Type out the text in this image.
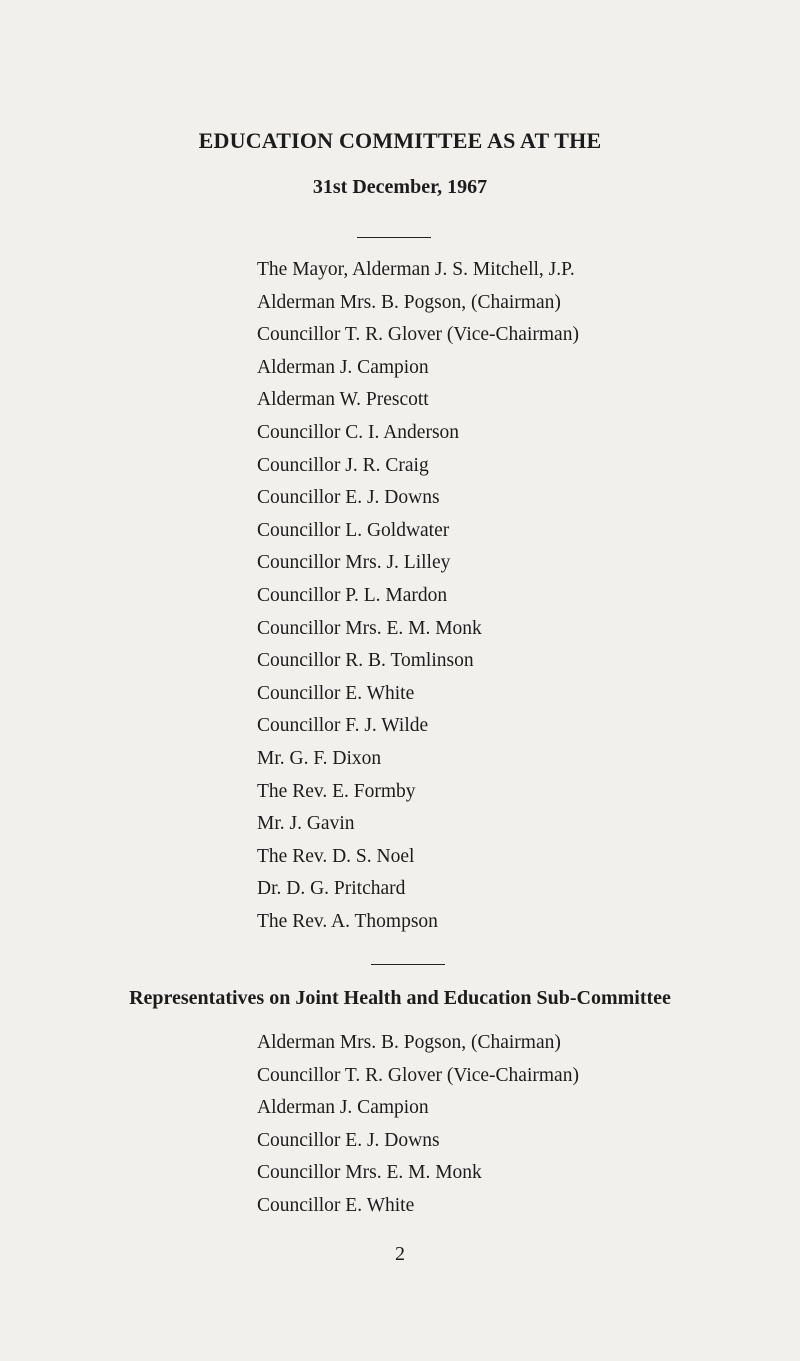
EDUCATION COMMITTEE AS AT THE
31st December, 1967
The Mayor, Alderman J. S. Mitchell, J.P.
Alderman Mrs. B. Pogson, (Chairman)
Councillor T. R. Glover (Vice-Chairman)
Alderman J. Campion
Alderman W. Prescott
Councillor C. I. Anderson
Councillor J. R. Craig
Councillor E. J. Downs
Councillor L. Goldwater
Councillor Mrs. J. Lilley
Councillor P. L. Mardon
Councillor Mrs. E. M. Monk
Councillor R. B. Tomlinson
Councillor E. White
Councillor F. J. Wilde
Mr. G. F. Dixon
The Rev. E. Formby
Mr. J. Gavin
The Rev. D. S. Noel
Dr. D. G. Pritchard
The Rev. A. Thompson
Representatives on Joint Health and Education Sub-Committee
Alderman Mrs. B. Pogson, (Chairman)
Councillor T. R. Glover (Vice-Chairman)
Alderman J. Campion
Councillor E. J. Downs
Councillor Mrs. E. M. Monk
Councillor E. White
2
